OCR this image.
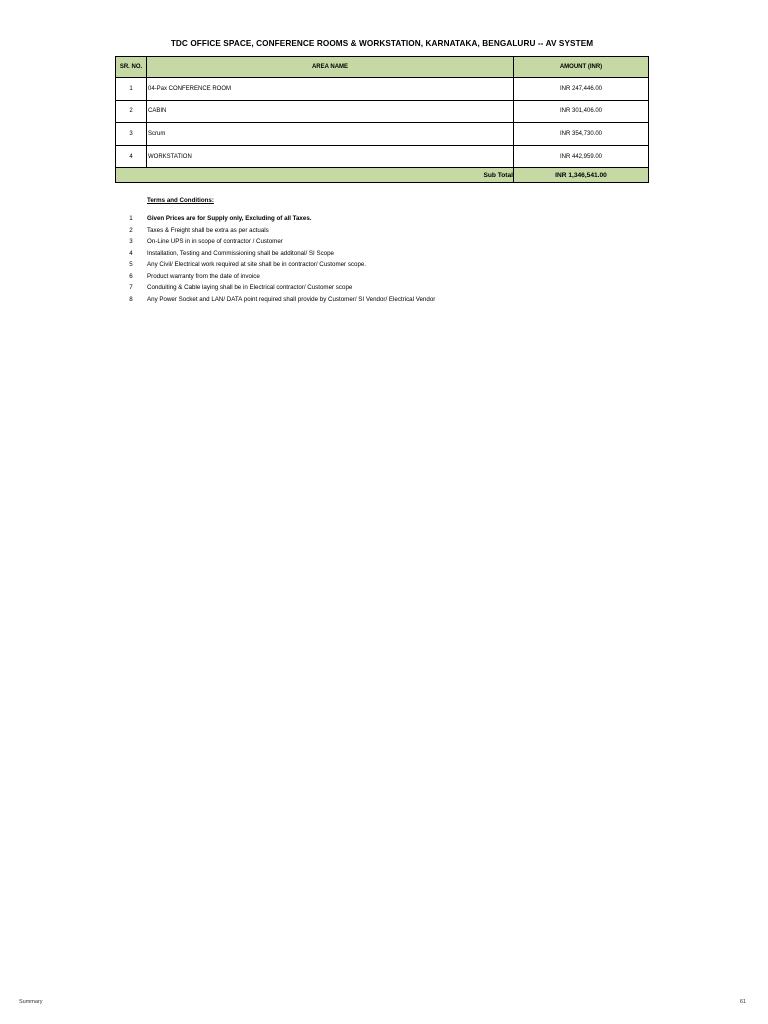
TDC OFFICE SPACE, CONFERENCE ROOMS & WORKSTATION, KARNATAKA, BENGALURU -- AV SYSTEM
SR. NO.	AREA NAME	AMOUNT (INR)
1	04-Pax CONFERENCE ROOM	INR 247,446.00
2	CABIN	INR 301,406.00
3	Scrum	INR 354,730.00
4	WORKSTATION	INR 442,959.00
	Sub Total	INR 1,346,541.00
Terms and Conditions:
1	Given Prices are for Supply only, Excluding of all Taxes.
2	Taxes & Freight shall be extra as per actuals
3	On-Line UPS in in scope of contractor / Customer
4	Installation, Testing and Commissioning shall be additonal/ SI Scope
5	Any Civil/ Electrical work required at site shall be in contractor/ Customer scope.
6	Product warranty from the date of invoice
7	Conduiting & Cable laying shall be in Electrical contractor/ Customer scope
8	Any Power Socket and LAN/ DATA point required shall provide by Customer/ SI Vendor/ Electrical Vendor
Summary	61
